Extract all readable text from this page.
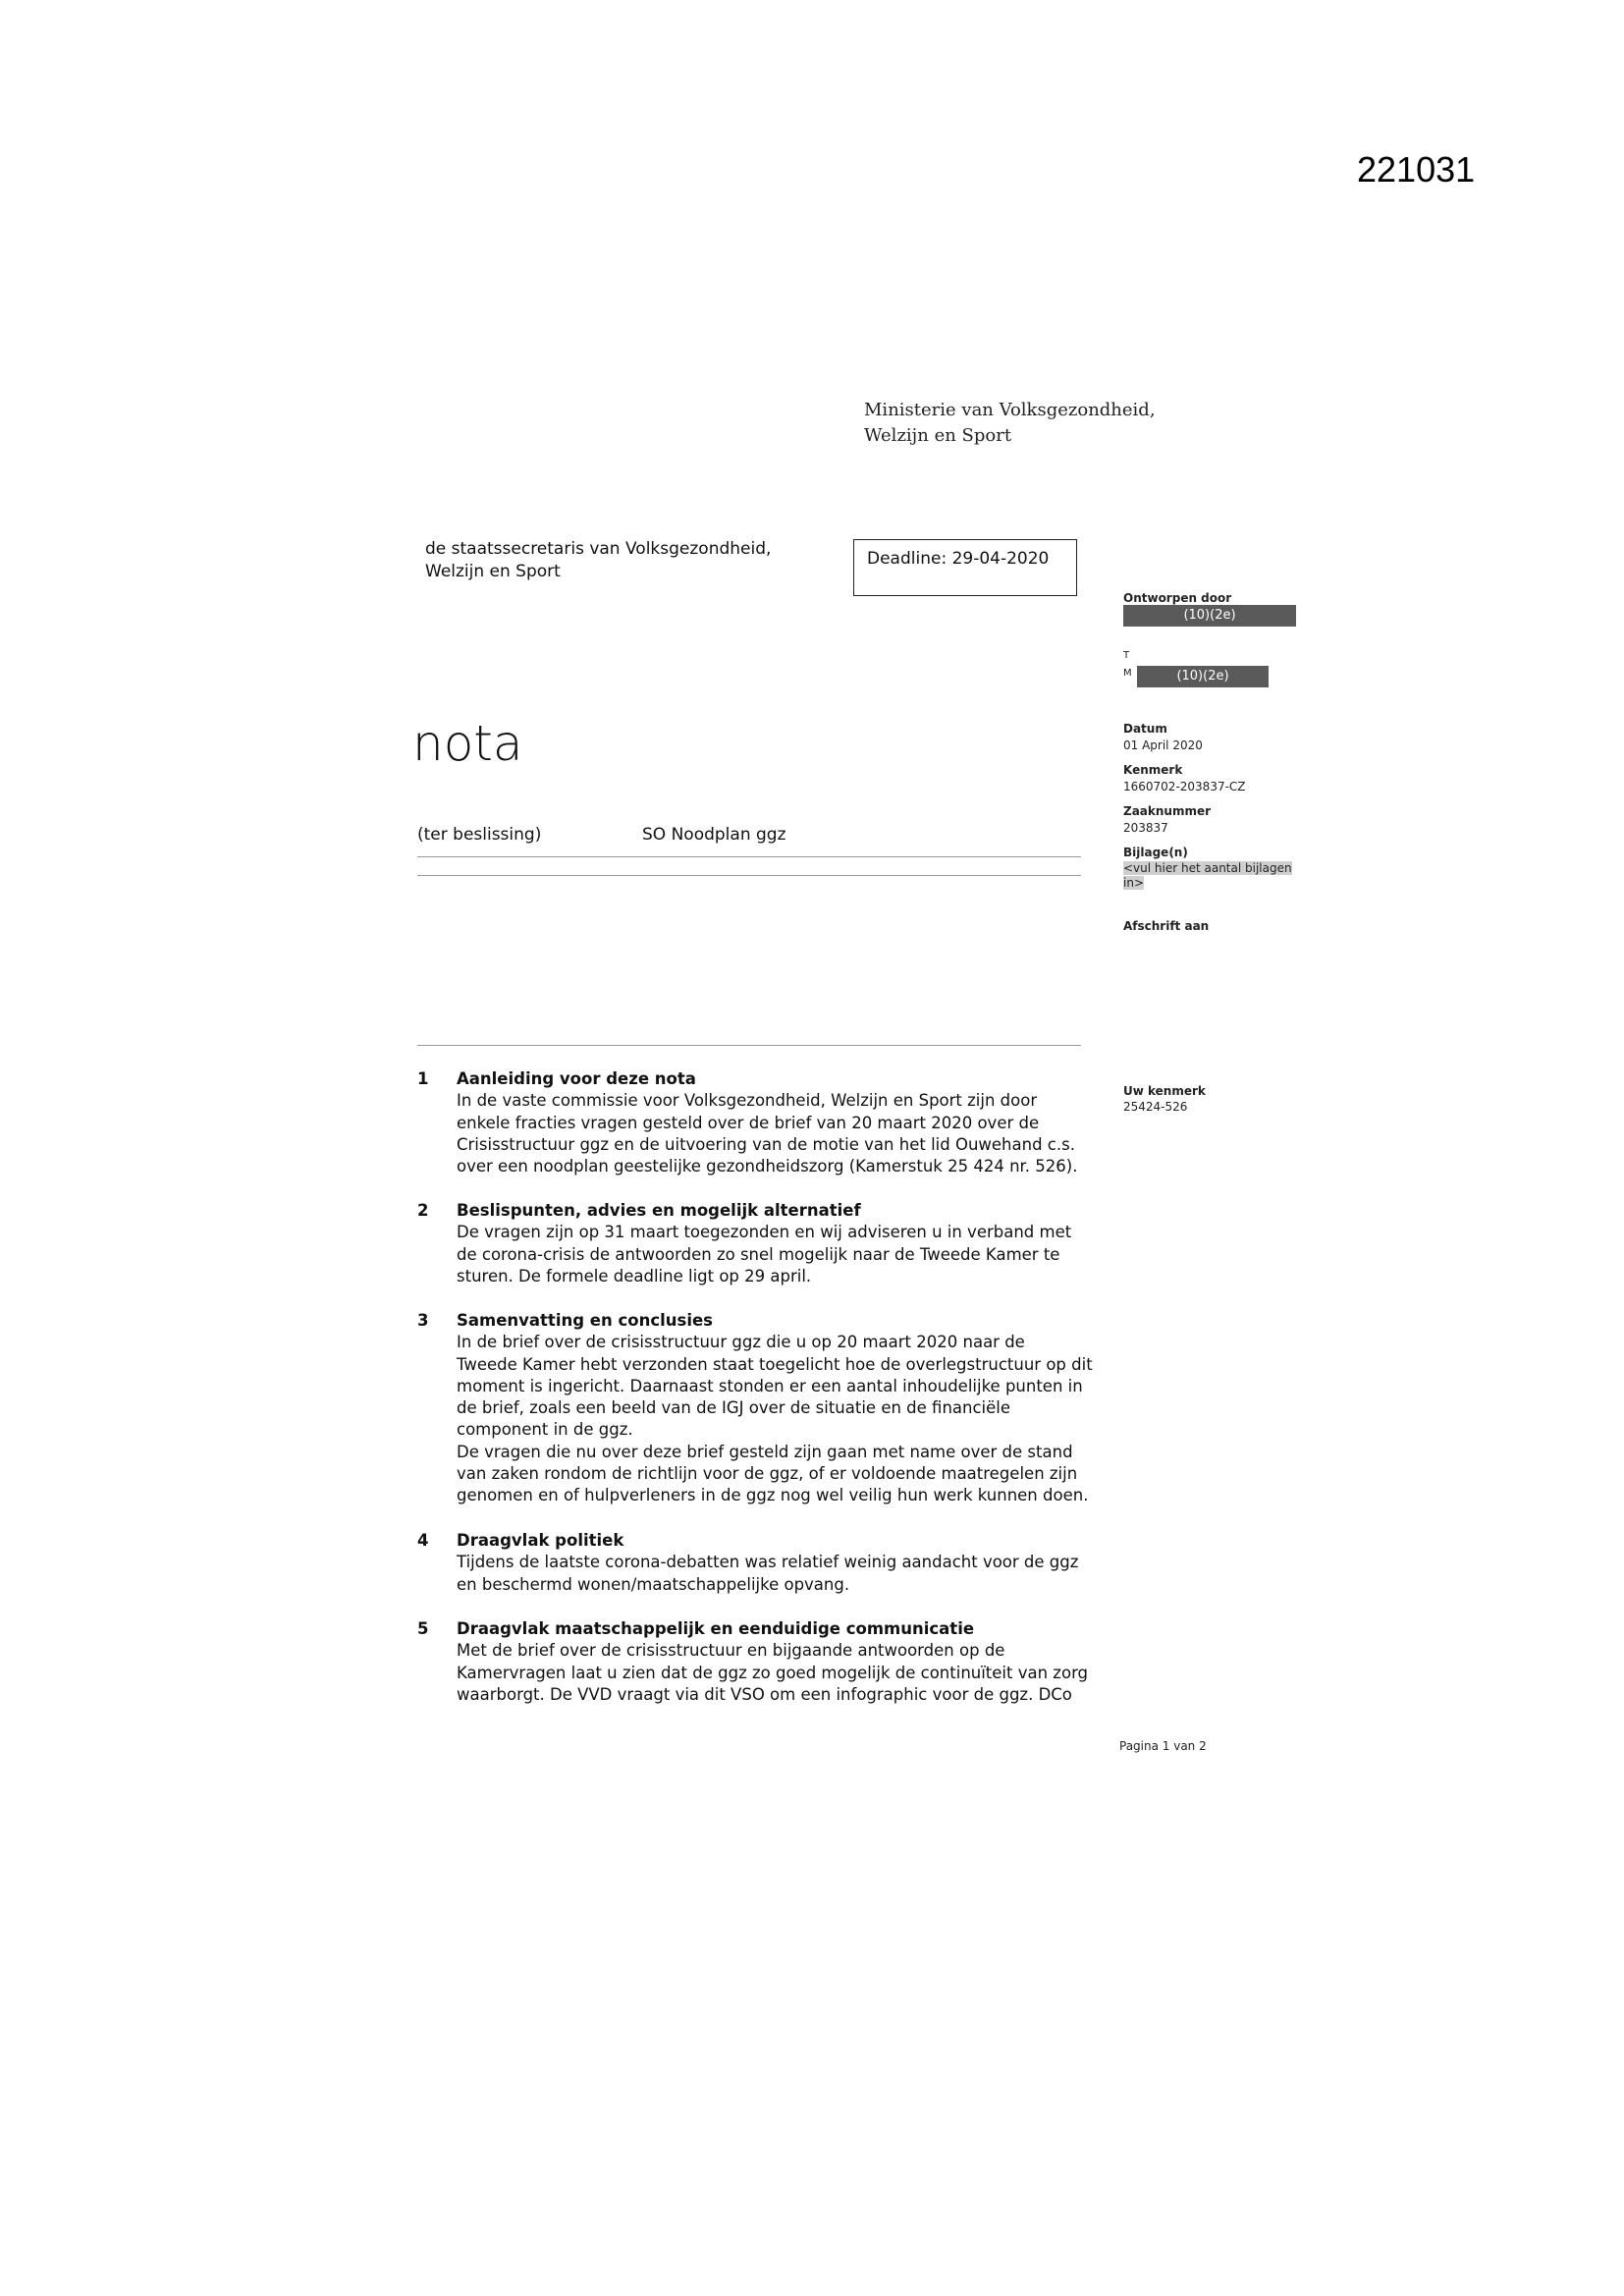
221031
Ministerie van Volksgezondheid,
Welzijn en Sport
de staatssecretaris van Volksgezondheid,
Welzijn en Sport
Deadline: 29-04-2020
nota
(ter beslissing)	SO Noodplan ggz
Ontworpen door
(10)(2e)
T
M	(10)(2e)
Datum
01 April 2020
Kenmerk
1660702-203837-CZ
Zaaknummer
203837
Bijlage(n)
<vul hier het aantal bijlagen
in>
Afschrift aan
Uw kenmerk
25424-526
1	Aanleiding voor deze nota
In de vaste commissie voor Volksgezondheid, Welzijn en Sport zijn door
enkele fracties vragen gesteld over de brief van 20 maart 2020 over de
Crisisstructuur ggz en de uitvoering van de motie van het lid Ouwehand c.s.
over een noodplan geestelijke gezondheidszorg (Kamerstuk 25 424 nr. 526).
2	Beslispunten, advies en mogelijk alternatief
De vragen zijn op 31 maart toegezonden en wij adviseren u in verband met
de corona-crisis de antwoorden zo snel mogelijk naar de Tweede Kamer te
sturen. De formele deadline ligt op 29 april.
3	Samenvatting en conclusies
In de brief over de crisisstructuur ggz die u op 20 maart 2020 naar de
Tweede Kamer hebt verzonden staat toegelicht hoe de overlegstructuur op dit
moment is ingericht. Daarnaast stonden er een aantal inhoudelijke punten in
de brief, zoals een beeld van de IGJ over de situatie en de financiële
component in de ggz.
De vragen die nu over deze brief gesteld zijn gaan met name over de stand
van zaken rondom de richtlijn voor de ggz, of er voldoende maatregelen zijn
genomen en of hulpverleners in de ggz nog wel veilig hun werk kunnen doen.
4	Draagvlak politiek
Tijdens de laatste corona-debatten was relatief weinig aandacht voor de ggz
en beschermd wonen/maatschappelijke opvang.
5	Draagvlak maatschappelijk en eenduidige communicatie
Met de brief over de crisisstructuur en bijgaande antwoorden op de
Kamervragen laat u zien dat de ggz zo goed mogelijk de continuïteit van zorg
waarborgt. De VVD vraagt via dit VSO om een infographic voor de ggz. DCo
Pagina 1 van 2
